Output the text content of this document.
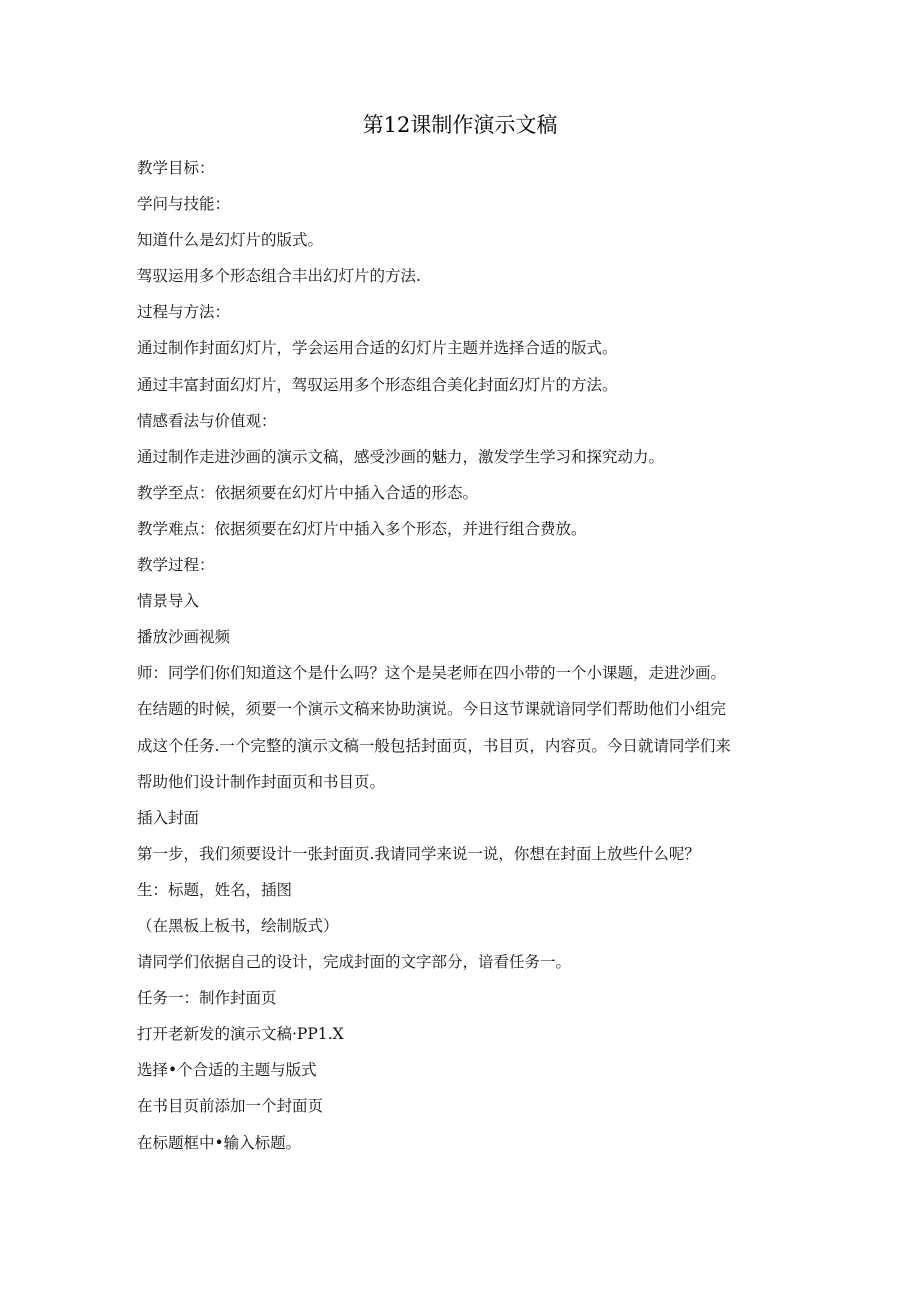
第12课制作演示文稿
教学目标：
学问与技能：
知道什么是幻灯片的版式。
驾驭运用多个形态组合丰出幻灯片的方法.
过程与方法：
通过制作封面幻灯片，学会运用合适的幻灯片主题并选择合适的版式。
通过丰富封面幻灯片，驾驭运用多个形态组合美化封面幻灯片的方法。
情感看法与价值观：
通过制作走进沙画的演示文稿，感受沙画的魅力，激发学生学习和探究动力。
教学至点：依据须要在幻灯片中插入合适的形态。
教学难点：依据须要在幻灯片中插入多个形态，并进行组合费放。
教学过程：
情景导入
播放沙画视频
师：同学们你们知道这个是什么吗？这个是吴老师在四小带的一个小课题，走进沙画。
在结题的时候，须要一个演示文稿来协助演说。今日这节课就谙同学们帮助他们小组完
成这个任务.一个完整的演示文稿一般包括封面页，书目页，内容页。今日就请同学们来
帮助他们设计制作封面页和书目页。
插入封面
第一步，我们须要设计一张封面页.我请同学来说一说，你想在封面上放些什么呢？
生：标题，姓名，插图
（在黑板上板书，绘制版式）
请同学们依据自己的设计，完成封面的文字部分，谙看任务一。
任务一：制作封面页
打开老新发的演示文稿·PP1.X
选择•个合适的主题与版式
在书目页前添加一个封面页
在标题框中•输入标题。
